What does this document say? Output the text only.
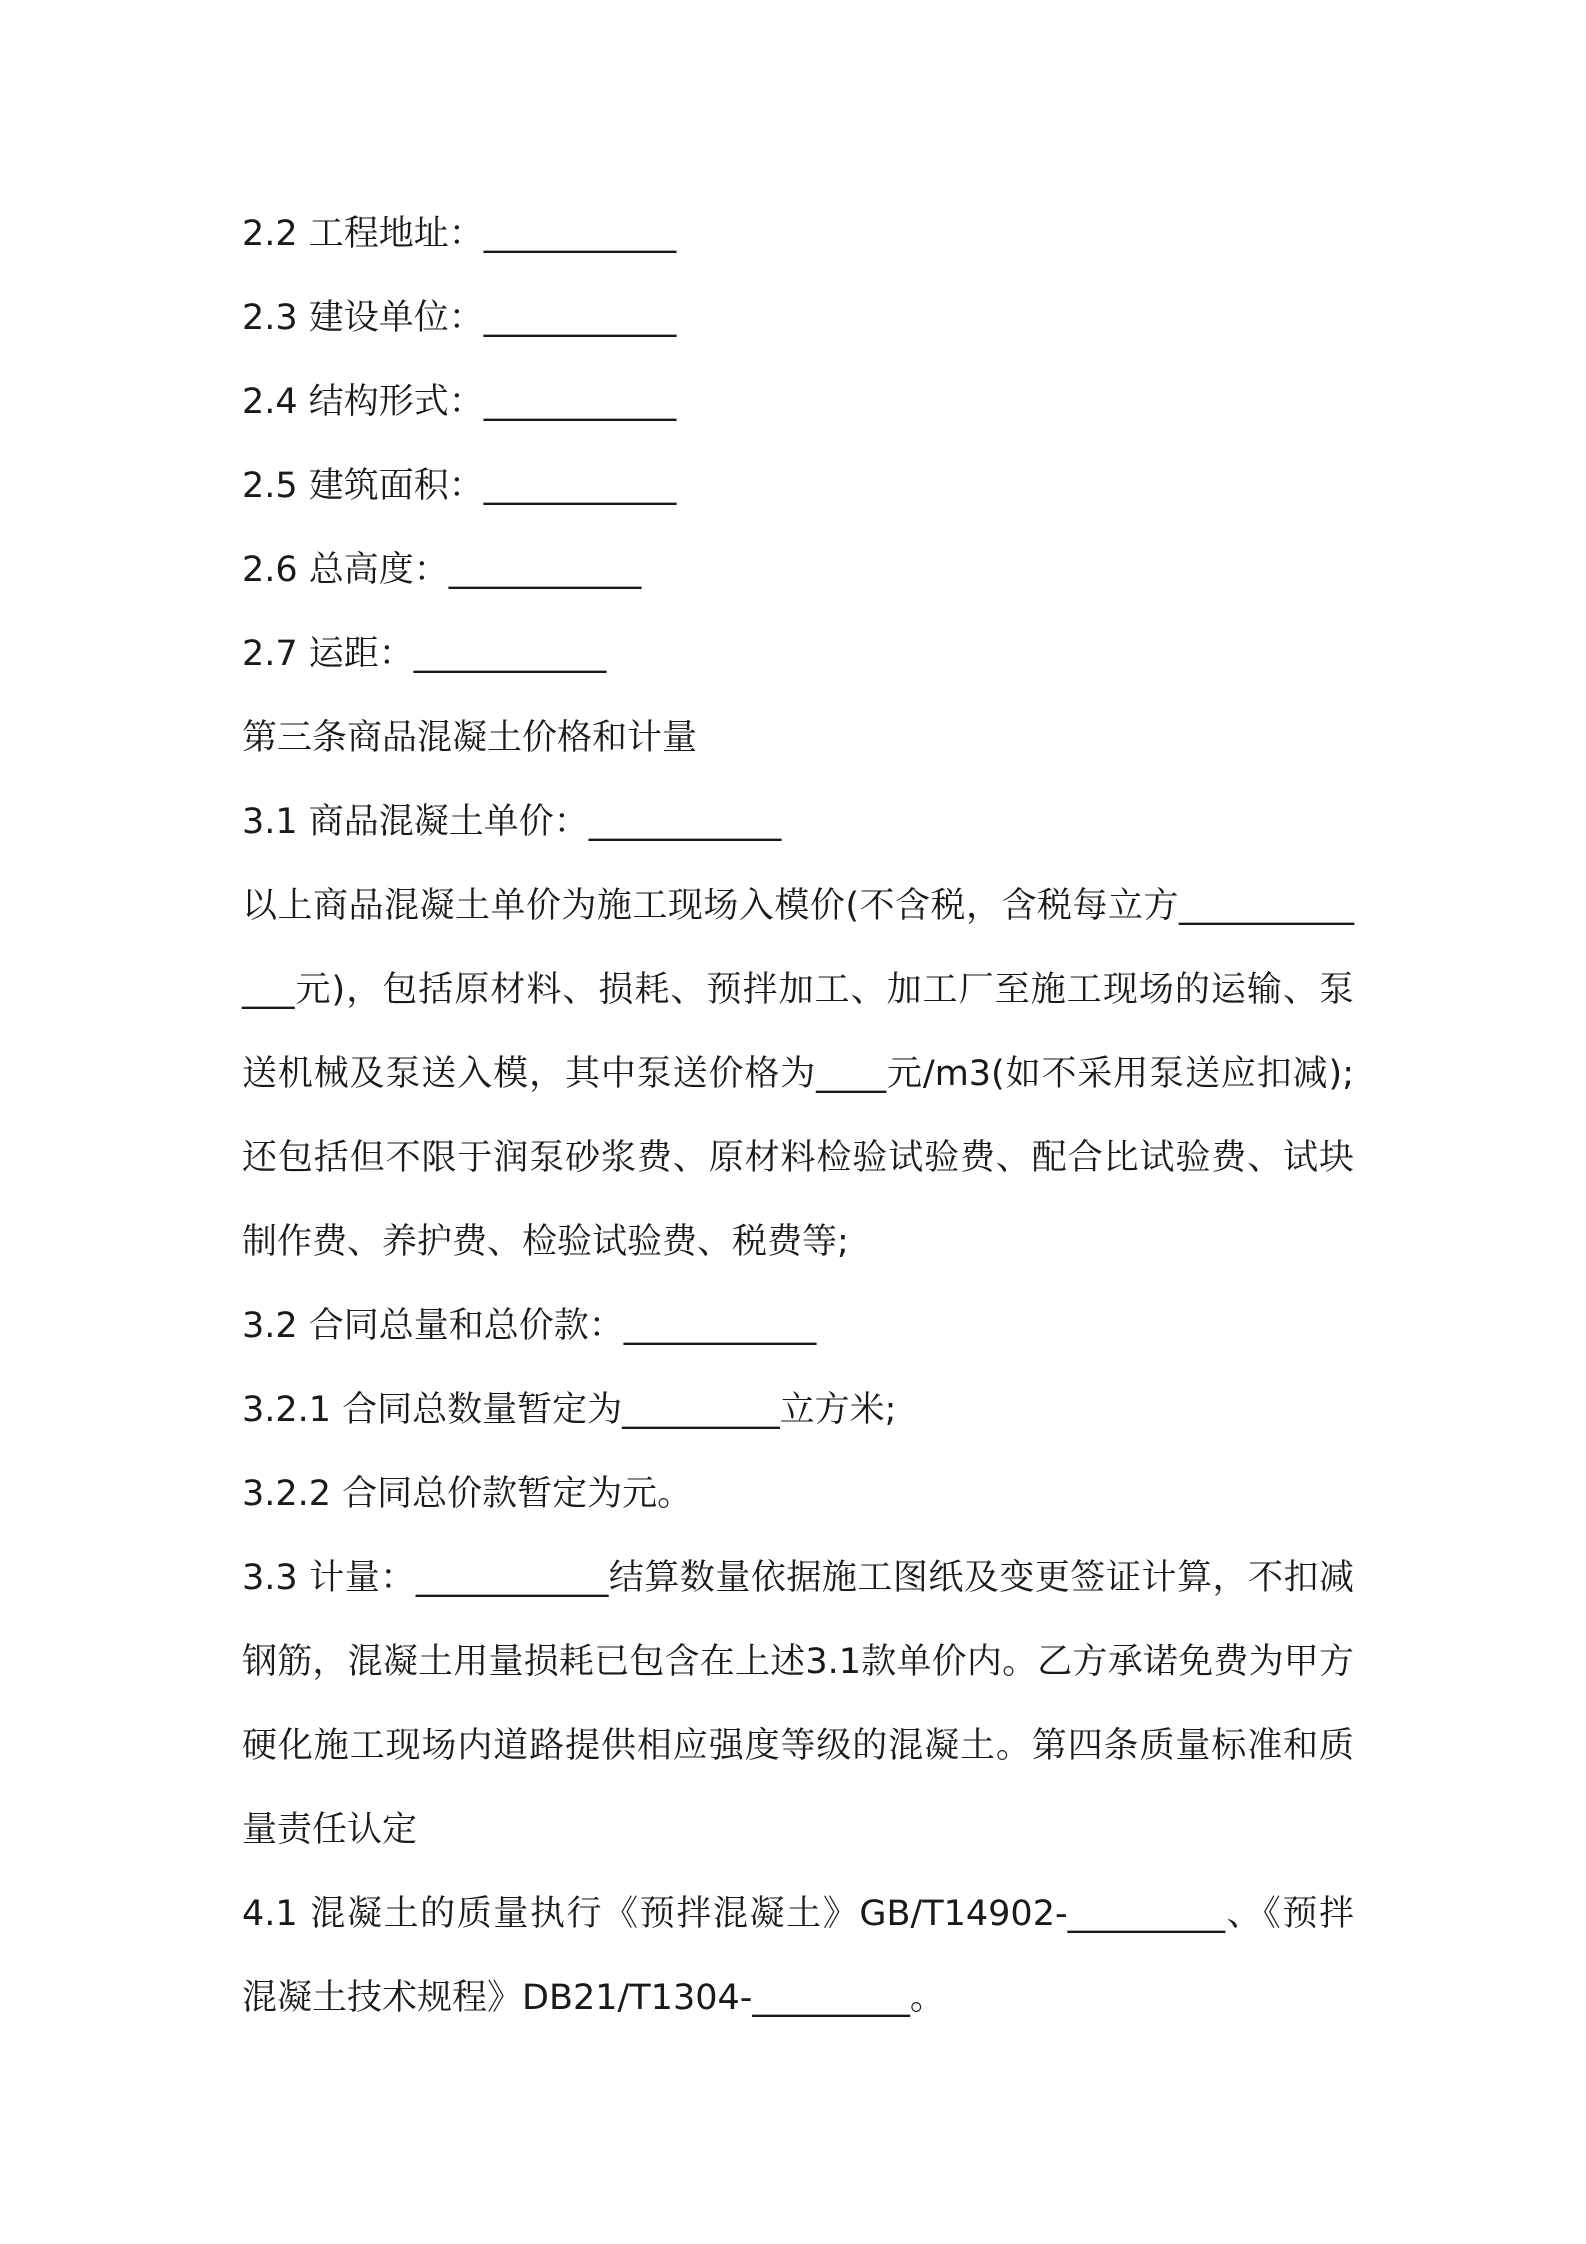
2.2 工程地址：___________

2.3 建设单位：___________

2.4 结构形式：___________

2.5 建筑面积：___________

2.6 总高度：___________

2.7 运距：___________

第三条商品混凝土价格和计量

3.1 商品混凝土单价：___________

以上商品混凝土单价为施工现场入模价(不含税，含税每立方_____________元)，包括原材料、损耗、预拌加工、加工厂至施工现场的运输、泵送机械及泵送入模，其中泵送价格为____元/m3(如不采用泵送应扣减);还包括但不限于润泵砂浆费、原材料检验试验费、配合比试验费、试块制作费、养护费、检验试验费、税费等;

3.2 合同总量和总价款：___________

3.2.1 合同总数量暂定为_________立方米;

3.2.2 合同总价款暂定为元。

3.3 计量：___________结算数量依据施工图纸及变更签证计算，不扣减钢筋，混凝土用量损耗已包含在上述3.1款单价内。乙方承诺免费为甲方硬化施工现场内道路提供相应强度等级的混凝土。第四条质量标准和质量责任认定

4.1 混凝土的质量执行《预拌混凝土》GB/T14902-_________、《预拌混凝土技术规程》DB21/T1304-_________。
